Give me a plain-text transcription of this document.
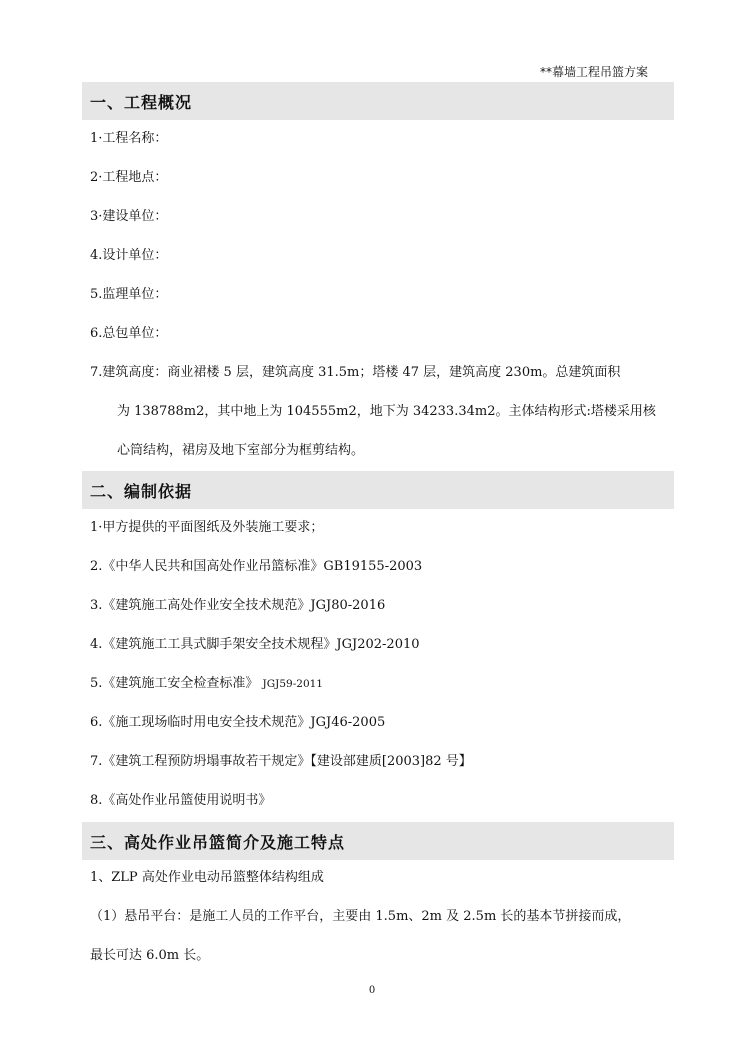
**幕墙工程吊篮方案
一、工程概况
1·工程名称：
2·工程地点：
3·建设单位：
4.设计单位：
5.监理单位：
6.总包单位：
7.建筑高度：商业裙楼 5 层，建筑高度 31.5m；塔楼 47 层，建筑高度 230m。总建筑面积
为 138788m2，其中地上为 104555m2，地下为 34233.34m2。主体结构形式:塔楼采用核
心筒结构，裙房及地下室部分为框剪结构。
二、编制依据
1·甲方提供的平面图纸及外装施工要求；
2.《中华人民共和国高处作业吊篮标准》GB19155-2003
3.《建筑施工高处作业安全技术规范》JGJ80-2016
4.《建筑施工工具式脚手架安全技术规程》JGJ202-2010
5.《建筑施工安全检查标准》 JGJ59-2011
6.《施工现场临时用电安全技术规范》JGJ46-2005
7.《建筑工程预防坍塌事故若干规定》【建设部建质[2003]82 号】
8.《高处作业吊篮使用说明书》
三、高处作业吊篮简介及施工特点
1、ZLP 高处作业电动吊篮整体结构组成
（1）悬吊平台：是施工人员的工作平台，主要由 1.5m、2m 及 2.5m 长的基本节拼接而成，
最长可达 6.0m 长。
0
